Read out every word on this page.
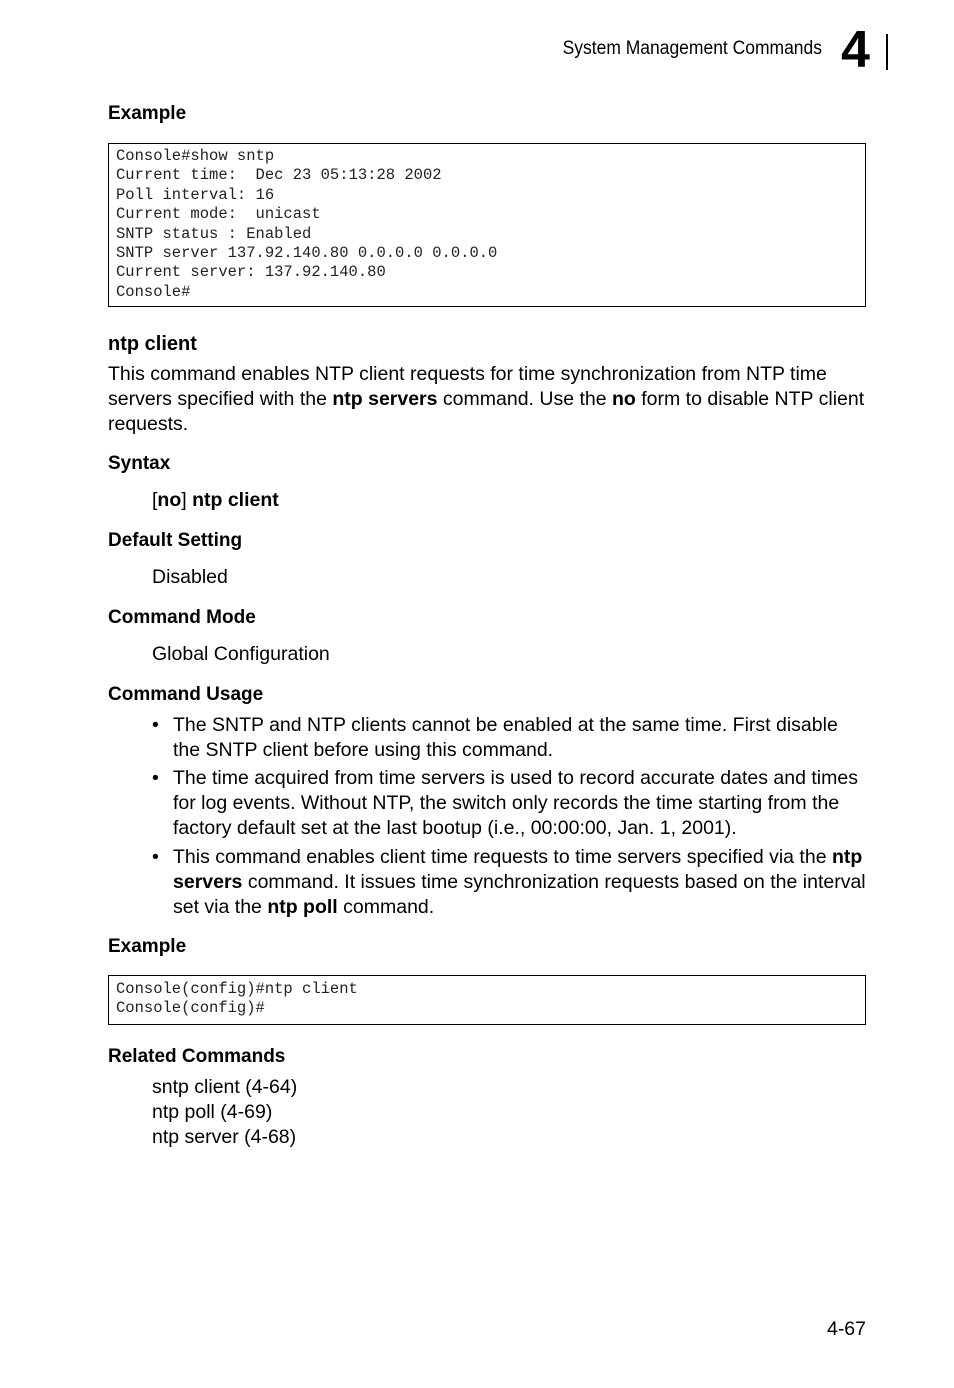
System Management Commands 4
Example
Console#show sntp
Current time:  Dec 23 05:13:28 2002
Poll interval: 16
Current mode:  unicast
SNTP status : Enabled
SNTP server 137.92.140.80 0.0.0.0 0.0.0.0
Current server: 137.92.140.80
Console#
ntp client
This command enables NTP client requests for time synchronization from NTP time servers specified with the ntp servers command. Use the no form to disable NTP client requests.
Syntax
[no] ntp client
Default Setting
Disabled
Command Mode
Global Configuration
Command Usage
• The SNTP and NTP clients cannot be enabled at the same time. First disable the SNTP client before using this command.
• The time acquired from time servers is used to record accurate dates and times for log events. Without NTP, the switch only records the time starting from the factory default set at the last bootup (i.e., 00:00:00, Jan. 1, 2001).
• This command enables client time requests to time servers specified via the ntp servers command. It issues time synchronization requests based on the interval set via the ntp poll command.
Example
Console(config)#ntp client
Console(config)#
Related Commands
sntp client (4-64)
ntp poll (4-69)
ntp server (4-68)
4-67
